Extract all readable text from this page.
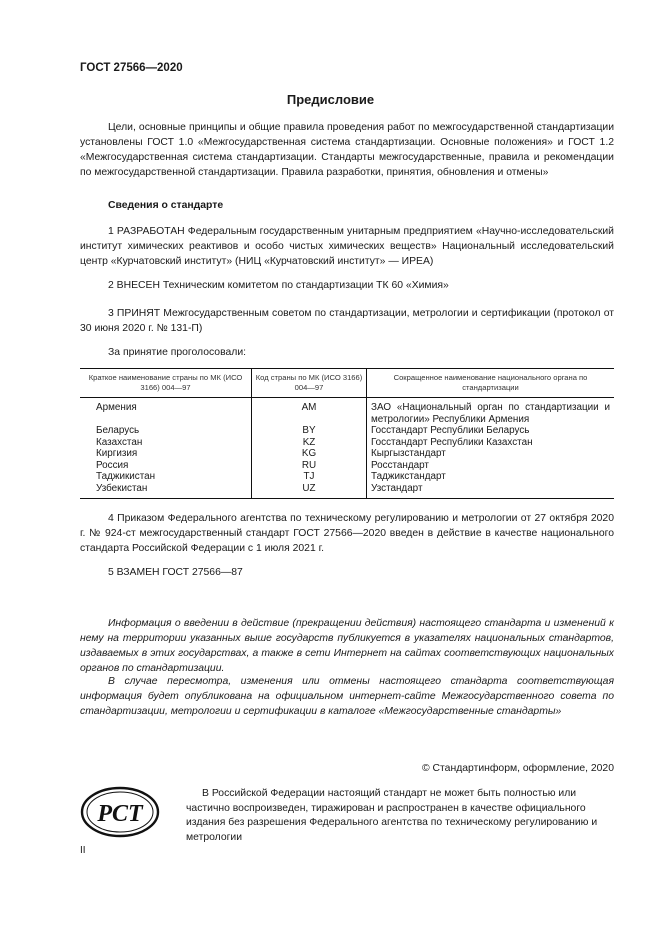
ГОСТ 27566—2020
Предисловие

Цели, основные принципы и общие правила проведения работ по межгосударственной стандартизации установлены ГОСТ 1.0 «Межгосударственная система стандартизации. Основные положения» и ГОСТ 1.2 «Межгосударственная система стандартизации. Стандарты межгосударственные, правила и рекомендации по межгосударственной стандартизации. Правила разработки, принятия, обновления и отмены»

Сведения о стандарте

1 РАЗРАБОТАН Федеральным государственным унитарным предприятием «Научно-исследовательский институт химических реактивов и особо чистых химических веществ» Национальный исследовательский центр «Курчатовский институт» (НИЦ «Курчатовский институт» — ИРЕА)

2 ВНЕСЕН Техническим комитетом по стандартизации ТК 60 «Химия»

3 ПРИНЯТ Межгосударственным советом по стандартизации, метрологии и сертификации (протокол от 30 июня 2020 г. № 131-П)

За принятие проголосовали:

Краткое наименование страны по МК (ИСО 3166) 004—97	Код страны по МК (ИСО 3166) 004—97	Сокращенное наименование национального органа по стандартизации
Армения	AM	ЗАО «Национальный орган по стандартизации и метрологии» Республики Армения
Беларусь	BY	Госстандарт Республики Беларусь
Казахстан	KZ	Госстандарт Республики Казахстан
Киргизия	KG	Кыргызстандарт
Россия	RU	Росстандарт
Таджикистан	TJ	Таджикстандарт
Узбекистан	UZ	Узстандарт

4 Приказом Федерального агентства по техническому регулированию и метрологии от 27 октября 2020 г. № 924-ст межгосударственный стандарт ГОСТ 27566—2020 введен в действие в качестве национального стандарта Российской Федерации с 1 июля 2021 г.

5 ВЗАМЕН ГОСТ 27566—87

Информация о введении в действие (прекращении действия) настоящего стандарта и изменений к нему на территории указанных выше государств публикуется в указателях национальных стандартов, издаваемых в этих государствах, а также в сети Интернет на сайтах соответствующих национальных органов по стандартизации.

В случае пересмотра, изменения или отмены настоящего стандарта соответствующая информация будет опубликована на официальном интернет-сайте Межгосударственного совета по стандартизации, метрологии и сертификации в каталоге «Межгосударственные стандарты»

© Стандартинформ, оформление, 2020
РСТ

В Российской Федерации настоящий стандарт не может быть полностью или частично воспроизведен, тиражирован и распространен в качестве официального издания без разрешения Федерального агентства по техническому регулированию и метрологии

II
